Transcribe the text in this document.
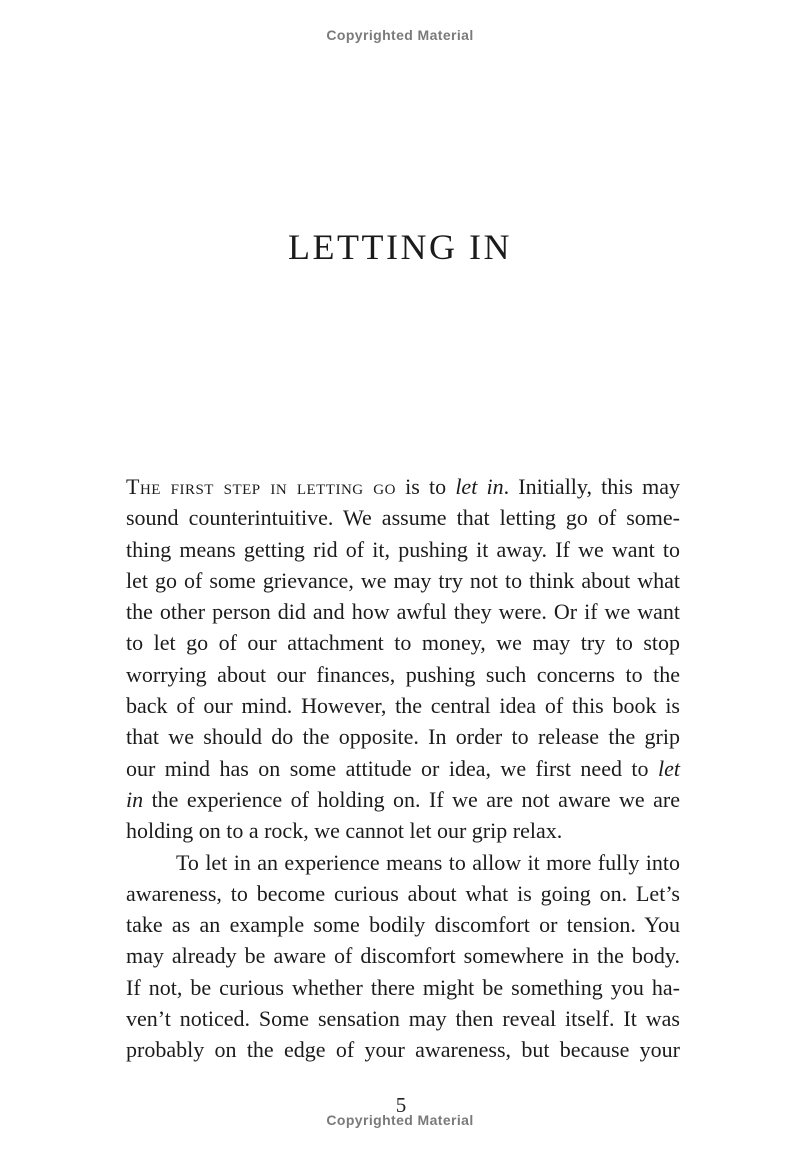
Copyrighted Material
LETTING IN
The first step in letting go is to let in. Initially, this may
sound counterintuitive. We assume that letting go of some-
thing means getting rid of it, pushing it away. If we want to
let go of some grievance, we may try not to think about what
the other person did and how awful they were. Or if we want
to let go of our attachment to money, we may try to stop
worrying about our finances, pushing such concerns to the
back of our mind. However, the central idea of this book is
that we should do the opposite. In order to release the grip
our mind has on some attitude or idea, we first need to let
in the experience of holding on. If we are not aware we are
holding on to a rock, we cannot let our grip relax.
To let in an experience means to allow it more fully into
awareness, to become curious about what is going on. Let’s
take as an example some bodily discomfort or tension. You
may already be aware of discomfort somewhere in the body.
If not, be curious whether there might be something you ha-
ven’t noticed. Some sensation may then reveal itself. It was
probably on the edge of your awareness, but because your
5
Copyrighted Material
